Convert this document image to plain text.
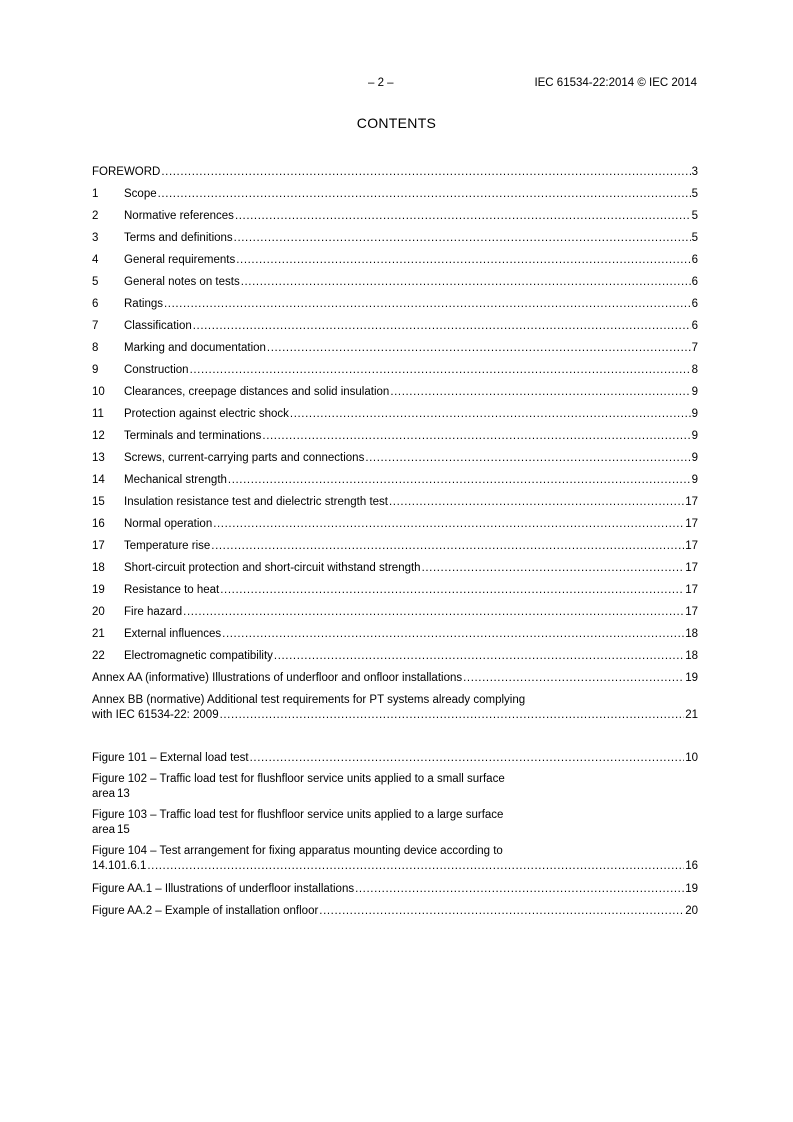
– 2 –	IEC 61534-22:2014 © IEC 2014
CONTENTS
FOREWORD .....	3
1	Scope .....	5
2	Normative references .....	5
3	Terms and definitions .....	5
4	General requirements .....	6
5	General notes on tests .....	6
6	Ratings .....	6
7	Classification .....	6
8	Marking and documentation .....	7
9	Construction .....	8
10	Clearances, creepage distances and solid insulation .....	9
11	Protection against electric shock .....	9
12	Terminals and terminations .....	9
13	Screws, current-carrying parts and connections .....	9
14	Mechanical strength .....	9
15	Insulation resistance test and dielectric strength test .....	17
16	Normal operation .....	17
17	Temperature rise .....	17
18	Short-circuit protection and short-circuit withstand strength .....	17
19	Resistance to heat .....	17
20	Fire hazard .....	17
21	External influences .....	18
22	Electromagnetic compatibility .....	18
Annex AA (informative) Illustrations of underfloor and onfloor installations .....	19
Annex BB (normative) Additional test requirements for PT systems already complying
with IEC 61534-22: 2009 .....	21
Figure 101 – External load test .....	10
Figure 102 – Traffic load test for flushfloor service units applied to a small surface
area 13
Figure 103 – Traffic load test for flushfloor service units applied to a large surface
area 15
Figure 104 – Test arrangement for fixing apparatus mounting device according to
14.101.6.1 .....	16
Figure AA.1 – Illustrations of underfloor installations .....	19
Figure AA.2 – Example of installation onfloor .....	20
